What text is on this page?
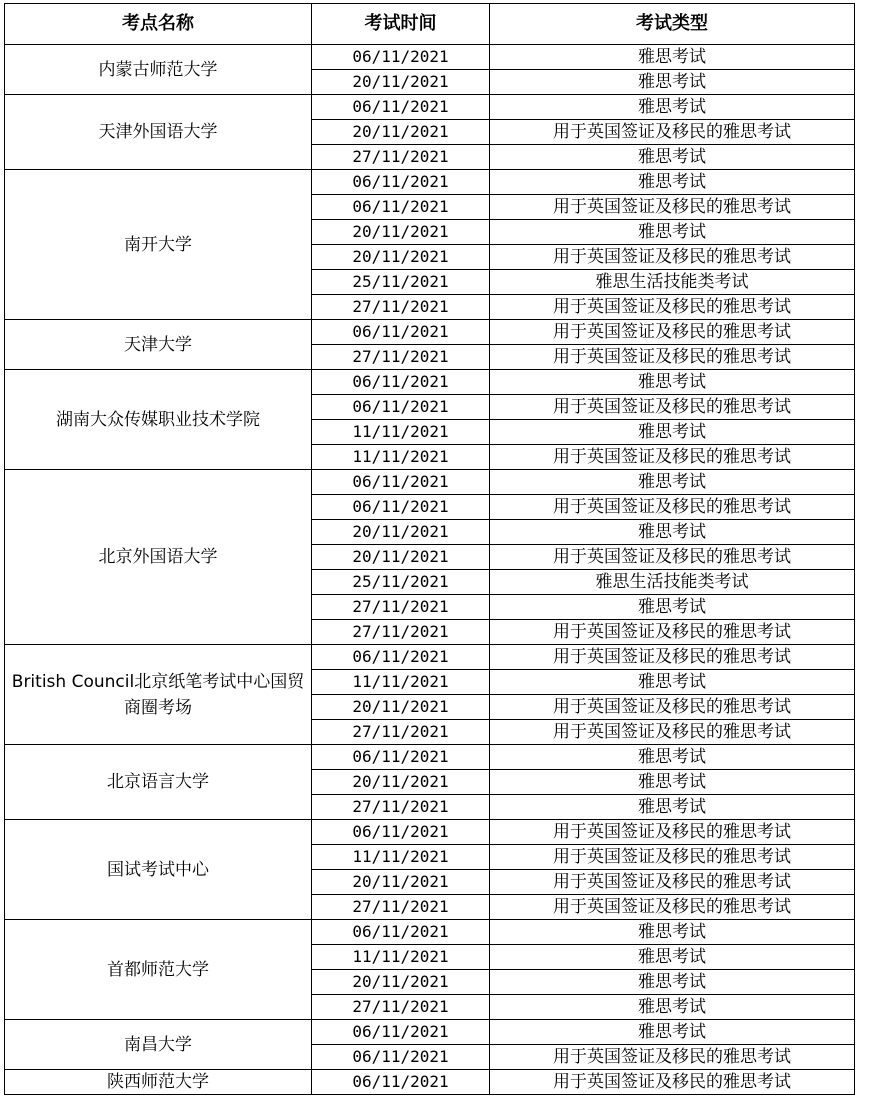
考点名称	考试时间	考试类型
内蒙古师范大学	06/11/2021	雅思考试
	20/11/2021	雅思考试
天津外国语大学	06/11/2021	雅思考试
	20/11/2021	用于英国签证及移民的雅思考试
	27/11/2021	雅思考试
南开大学	06/11/2021	雅思考试
	06/11/2021	用于英国签证及移民的雅思考试
	20/11/2021	雅思考试
	20/11/2021	用于英国签证及移民的雅思考试
	25/11/2021	雅思生活技能类考试
	27/11/2021	用于英国签证及移民的雅思考试
天津大学	06/11/2021	用于英国签证及移民的雅思考试
	27/11/2021	用于英国签证及移民的雅思考试
湖南大众传媒职业技术学院	06/11/2021	雅思考试
	06/11/2021	用于英国签证及移民的雅思考试
	11/11/2021	雅思考试
	11/11/2021	用于英国签证及移民的雅思考试
北京外国语大学	06/11/2021	雅思考试
	06/11/2021	用于英国签证及移民的雅思考试
	20/11/2021	雅思考试
	20/11/2021	用于英国签证及移民的雅思考试
	25/11/2021	雅思生活技能类考试
	27/11/2021	雅思考试
	27/11/2021	用于英国签证及移民的雅思考试
British Council北京纸笔考试中心国贸商圈考场	06/11/2021	用于英国签证及移民的雅思考试
	11/11/2021	雅思考试
	20/11/2021	用于英国签证及移民的雅思考试
	27/11/2021	用于英国签证及移民的雅思考试
北京语言大学	06/11/2021	雅思考试
	20/11/2021	雅思考试
	27/11/2021	雅思考试
国试考试中心	06/11/2021	用于英国签证及移民的雅思考试
	11/11/2021	用于英国签证及移民的雅思考试
	20/11/2021	用于英国签证及移民的雅思考试
	27/11/2021	用于英国签证及移民的雅思考试
首都师范大学	06/11/2021	雅思考试
	11/11/2021	雅思考试
	20/11/2021	雅思考试
	27/11/2021	雅思考试
南昌大学	06/11/2021	雅思考试
	06/11/2021	用于英国签证及移民的雅思考试
陕西师范大学	06/11/2021	用于英国签证及移民的雅思考试
